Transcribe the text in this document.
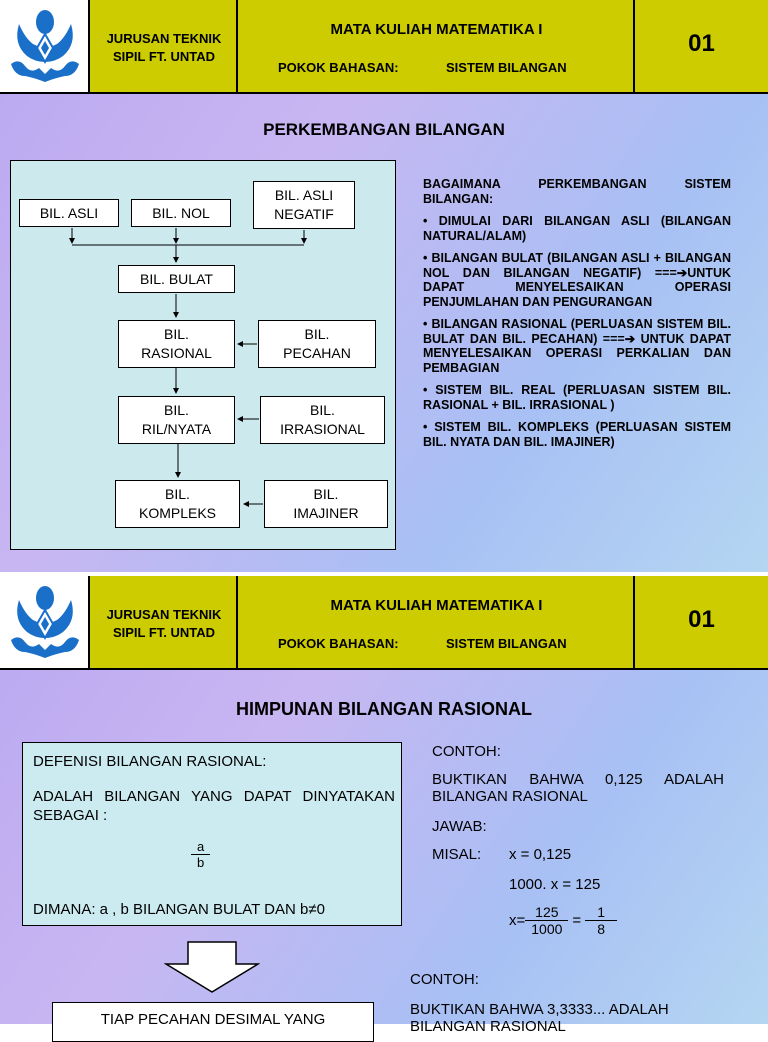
JURUSAN TEKNIK
SIPIL FT. UNTAD
MATA KULIAH MATEMATIKA I
POKOK BAHASAN:	SISTEM BILANGAN
01
PERKEMBANGAN BILANGAN
BIL. ASLI	BIL. NOL
BIL. ASLI
NEGATIF
BIL. BULAT
BIL.
RASIONAL
BIL.
PECAHAN
BIL.
RIL/NYATA
BIL.
IRRASIONAL
BIL.
KOMPLEKS
BIL.
IMAJINER

BAGAIMANA PERKEMBANGAN SISTEM BILANGAN:

• DIMULAI DARI BILANGAN ASLI (BILANGAN NATURAL/ALAM)

• BILANGAN BULAT (BILANGAN ASLI + BILANGAN NOL DAN BILANGAN NEGATIF) ===➔UNTUK DAPAT MENYELESAIKAN OPERASI PENJUMLAHAN DAN PENGURANGAN

• BILANGAN RASIONAL (PERLUASAN SISTEM BIL. BULAT DAN BIL. PECAHAN) ===➔ UNTUK DAPAT MENYELESAIKAN OPERASI PERKALIAN DAN PEMBAGIAN

• SISTEM BIL. REAL (PERLUASAN SISTEM BIL. RASIONAL + BIL. IRRASIONAL )

• SISTEM BIL. KOMPLEKS (PERLUASAN SISTEM BIL. NYATA DAN BIL. IMAJINER)

JURUSAN TEKNIK
SIPIL FT. UNTAD
MATA KULIAH MATEMATIKA I
POKOK BAHASAN:	SISTEM BILANGAN
01
HIMPUNAN BILANGAN RASIONAL
DEFENISI BILANGAN RASIONAL:
ADALAH BILANGAN YANG DAPAT DINYATAKAN SEBAGAI :
$\frac{a}{b}$
DIMANA: a , b BILANGAN BULAT DAN b≠0
TIAP PECAHAN DESIMAL YANG
CONTOH:
BUKTIKAN BAHWA 0,125 ADALAH BILANGAN RASIONAL
JAWAB:
MISAL: x = 0,125
1000. x = 125
$x= \frac{125}{1000} = \frac{1}{8}$
CONTOH:
BUKTIKAN BAHWA 3,3333... ADALAH BILANGAN RASIONAL
